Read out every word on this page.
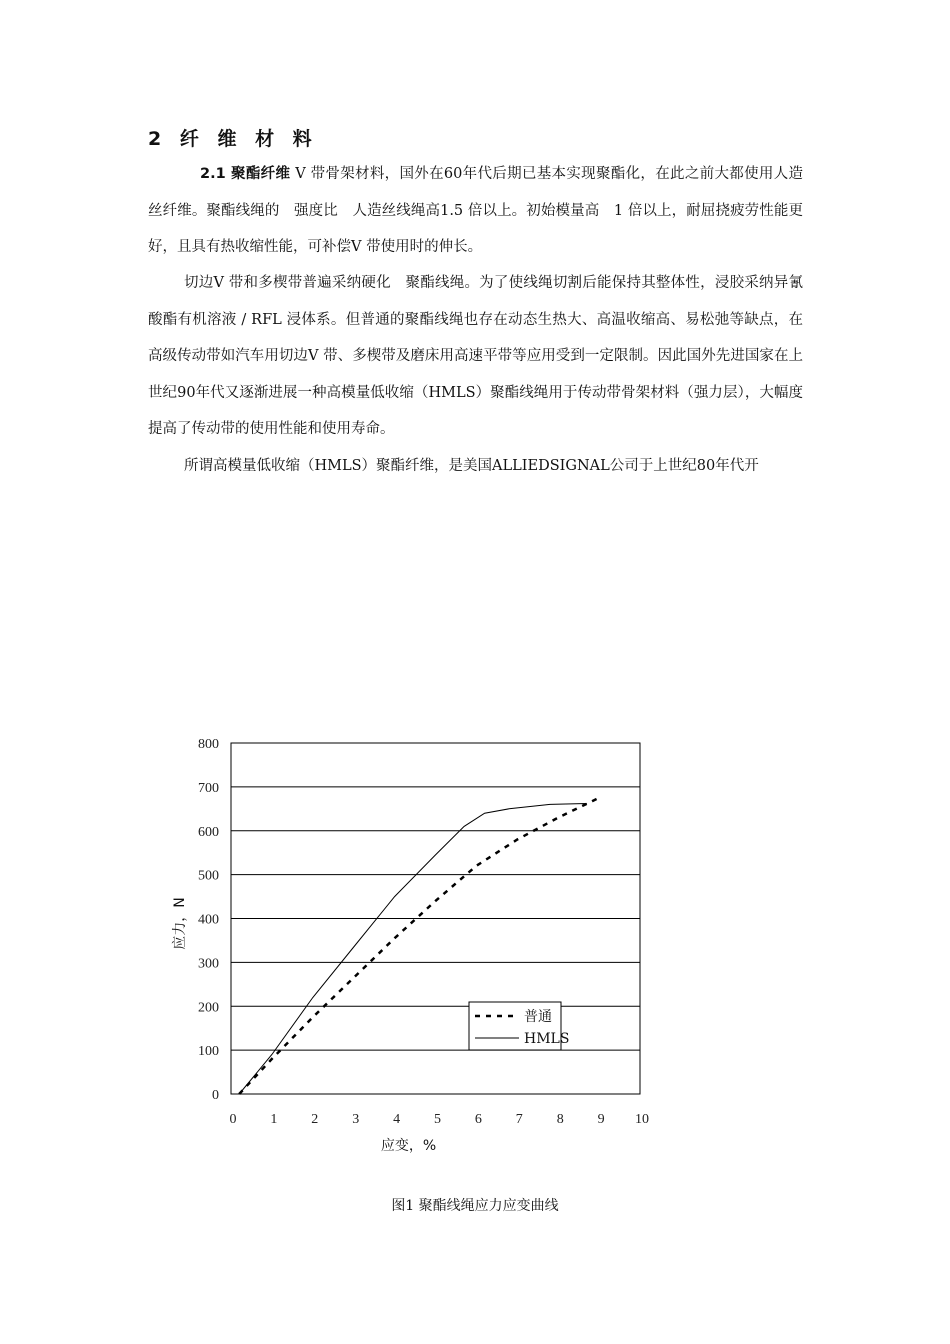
2 纤 维 材 料

2.1 聚酯纤维 V 带骨架材料，国外在60年代后期已基本实现聚酯化，在此之前大都使用人造丝纤维。聚酯线绳的　强度比　人造丝线绳高1.5 倍以上。初始模量高　1 倍以上，耐屈挠疲劳性能更好，且具有热收缩性能，可补偿V 带使用时的伸长。

切边V 带和多楔带普遍采纳硬化　聚酯线绳。为了使线绳切割后能保持其整体性，浸胶采纳异氰酸酯有机溶液 / RFL 浸体系。但普通的聚酯线绳也存在动态生热大、高温收缩高、易松弛等缺点，在高级传动带如汽车用切边V 带、多楔带及磨床用高速平带等应用受到一定限制。因此国外先进国家在上世纪90年代又逐渐进展一种高模量低收缩（HMLS）聚酯线绳用于传动带骨架材料（强力层），大幅度提高了传动带的使用性能和使用寿命。

所谓高模量低收缩（HMLS）聚酯纤维，是美国ALLIEDSIGNAL公司于上世纪80年代开

0
100
200
300
400
500
600
700
800
0 1 2 3 4 5 6 7 8 9 10
应变，%
应力，N
普通
HMLS
图1 聚酯线绳应力应变曲线
